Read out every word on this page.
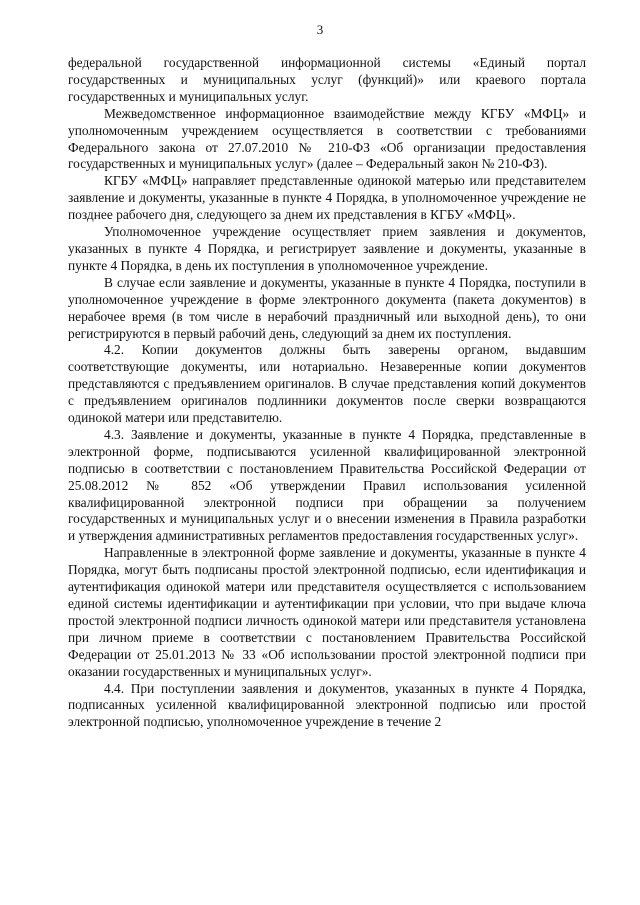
3

федеральной государственной информационной системы «Единый портал государственных и муниципальных услуг (функций)» или краевого портала государственных и муниципальных услуг.

Межведомственное информационное взаимодействие между КГБУ «МФЦ» и уполномоченным учреждением осуществляется в соответствии с требованиями Федерального закона от 27.07.2010 № 210-ФЗ «Об организации предоставления государственных и муниципальных услуг» (далее – Федеральный закон № 210-ФЗ).

КГБУ «МФЦ» направляет представленные одинокой матерью или представителем заявление и документы, указанные в пункте 4 Порядка, в уполномоченное учреждение не позднее рабочего дня, следующего за днем их представления в КГБУ «МФЦ».

Уполномоченное учреждение осуществляет прием заявления и документов, указанных в пункте 4 Порядка, и регистрирует заявление и документы, указанные в пункте 4 Порядка, в день их поступления в уполномоченное учреждение.

В случае если заявление и документы, указанные в пункте 4 Порядка, поступили в уполномоченное учреждение в форме электронного документа (пакета документов) в нерабочее время (в том числе в нерабочий праздничный или выходной день), то они регистрируются в первый рабочий день, следующий за днем их поступления.

4.2. Копии документов должны быть заверены органом, выдавшим соответствующие документы, или нотариально. Незаверенные копии документов представляются с предъявлением оригиналов. В случае представления копий документов с предъявлением оригиналов подлинники документов после сверки возвращаются одинокой матери или представителю.

4.3. Заявление и документы, указанные в пункте 4 Порядка, представленные в электронной форме, подписываются усиленной квалифицированной электронной подписью в соответствии с постановлением Правительства Российской Федерации от 25.08.2012 № 852 «Об утверждении Правил использования усиленной квалифицированной электронной подписи при обращении за получением государственных и муниципальных услуг и о внесении изменения в Правила разработки и утверждения административных регламентов предоставления государственных услуг».

Направленные в электронной форме заявление и документы, указанные в пункте 4 Порядка, могут быть подписаны простой электронной подписью, если идентификация и аутентификация одинокой матери или представителя осуществляется с использованием единой системы идентификации и аутентификации при условии, что при выдаче ключа простой электронной подписи личность одинокой матери или представителя установлена при личном приеме в соответствии с постановлением Правительства Российской Федерации от 25.01.2013 № 33 «Об использовании простой электронной подписи при оказании государственных и муниципальных услуг».

4.4. При поступлении заявления и документов, указанных в пункте 4 Порядка, подписанных усиленной квалифицированной электронной подписью или простой электронной подписью, уполномоченное учреждение в течение 2
